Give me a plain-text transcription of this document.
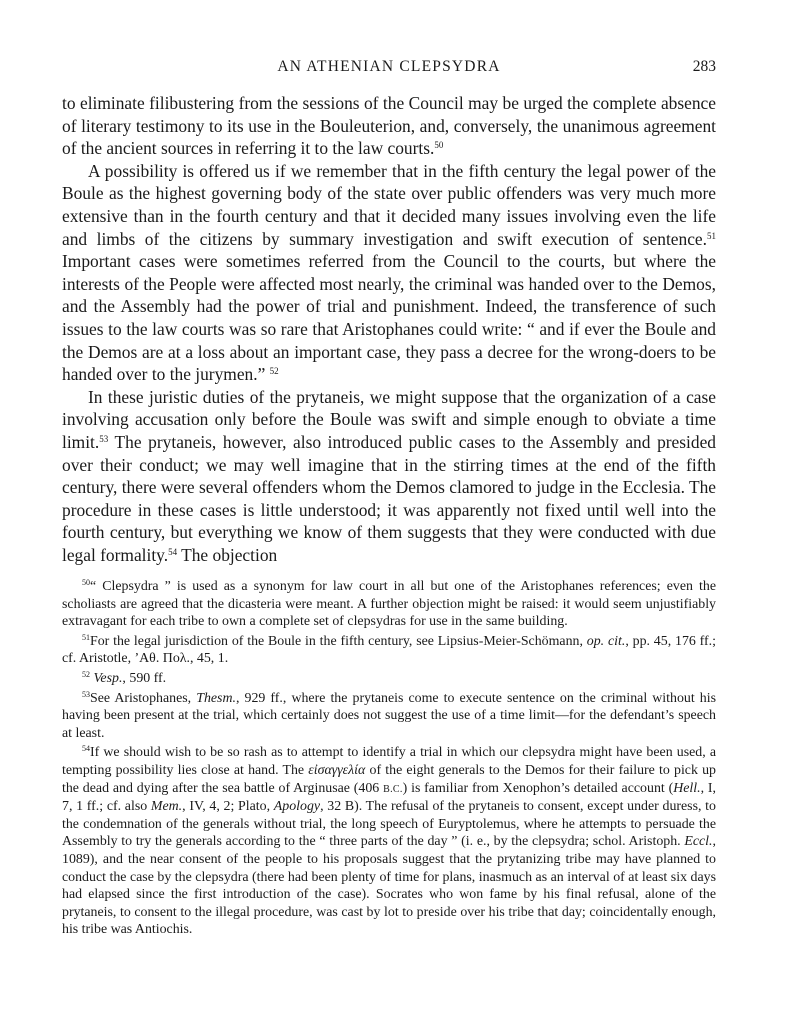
AN ATHENIAN CLEPSYDRA	283

to eliminate filibustering from the sessions of the Council may be urged the complete absence of literary testimony to its use in the Bouleuterion, and, conversely, the unanimous agreement of the ancient sources in referring it to the law courts.$^{50}$

A possibility is offered us if we remember that in the fifth century the legal power of the Boule as the highest governing body of the state over public offenders was very much more extensive than in the fourth century and that it decided many issues involving even the life and limbs of the citizens by summary investigation and swift execution of sentence.$^{51}$ Important cases were sometimes referred from the Council to the courts, but where the interests of the People were affected most nearly, the criminal was handed over to the Demos, and the Assembly had the power of trial and punishment. Indeed, the transference of such issues to the law courts was so rare that Aristophanes could write: “ and if ever the Boule and the Demos are at a loss about an important case, they pass a decree for the wrong-doers to be handed over to the jurymen.” $^{52}$

In these juristic duties of the prytaneis, we might suppose that the organization of a case involving accusation only before the Boule was swift and simple enough to obviate a time limit.$^{53}$ The prytaneis, however, also introduced public cases to the Assembly and presided over their conduct; we may well imagine that in the stirring times at the end of the fifth century, there were several offenders whom the Demos clamored to judge in the Ecclesia. The procedure in these cases is little understood; it was apparently not fixed until well into the fourth century, but everything we know of them suggests that they were conducted with due legal formality.$^{54}$ The objection

$^{50}$“ Clepsydra ” is used as a synonym for law court in all but one of the Aristophanes references; even the scholiasts are agreed that the dicasteria were meant. A further objection might be raised: it would seem unjustifiably extravagant for each tribe to own a complete set of clepsydras for use in the same building.

$^{51}$For the legal jurisdiction of the Boule in the fifth century, see Lipsius-Meier-Schömann, op. cit., pp. 45, 176 ff.; cf. Aristotle, ’Aθ. Πολ., 45, 1.

$^{52}$ Vesp., 590 ff.

$^{53}$See Aristophanes, Thesm., 929 ff., where the prytaneis come to execute sentence on the criminal without his having been present at the trial, which certainly does not suggest the use of a time limit—for the defendant’s speech at least.

$^{54}$If we should wish to be so rash as to attempt to identify a trial in which our clepsydra might have been used, a tempting possibility lies close at hand. The εἰσαγγελία of the eight generals to the Demos for their failure to pick up the dead and dying after the sea battle of Arginusae (406 B.C.) is familiar from Xenophon’s detailed account (Hell., I, 7, 1 ff.; cf. also Mem., IV, 4, 2; Plato, Apology, 32 B). The refusal of the prytaneis to consent, except under duress, to the condemnation of the generals without trial, the long speech of Euryptolemus, where he attempts to persuade the Assembly to try the generals according to the “ three parts of the day ” (i. e., by the clepsydra; schol. Aristoph. Eccl., 1089), and the near consent of the people to his proposals suggest that the prytanizing tribe may have planned to conduct the case by the clepsydra (there had been plenty of time for plans, inasmuch as an interval of at least six days had elapsed since the first introduction of the case). Socrates who won fame by his final refusal, alone of the prytaneis, to consent to the illegal procedure, was cast by lot to preside over his tribe that day; coincidentally enough, his tribe was Antiochis.
